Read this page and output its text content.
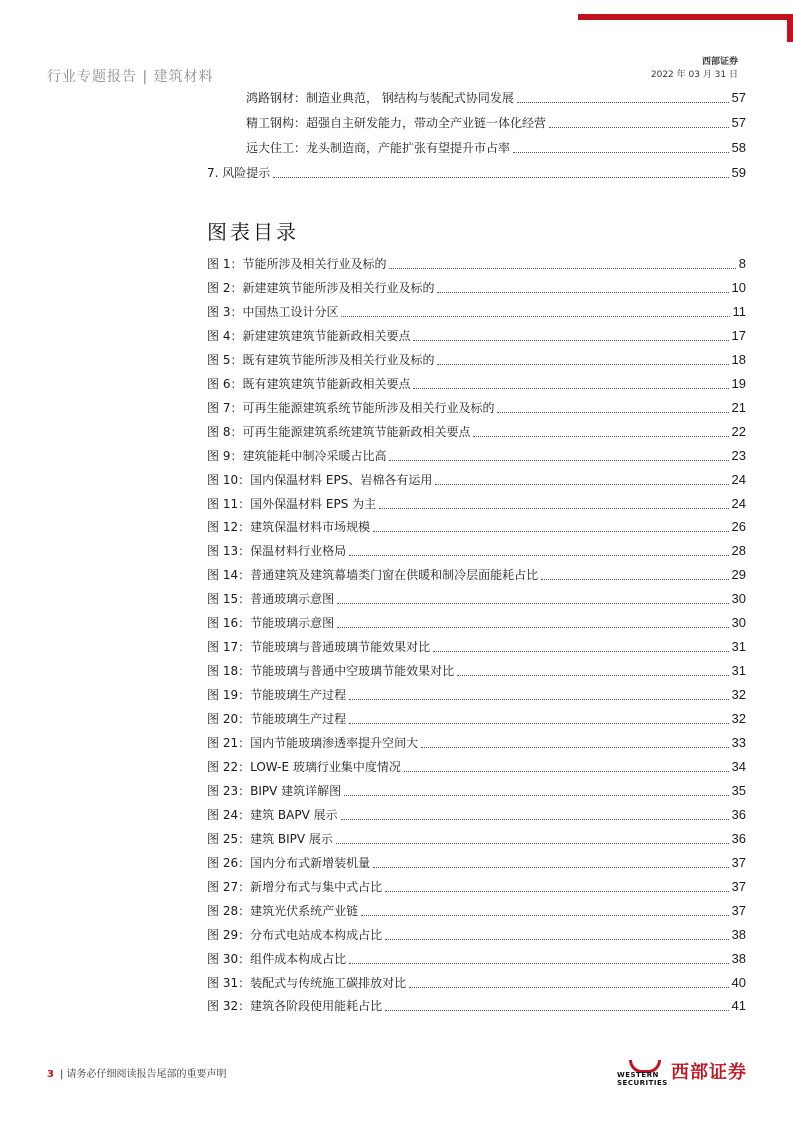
行业专题报告 | 建筑材料
西部证券
2022 年 03 月 31 日
鸿路钢材：制造业典范， 钢结构与装配式协同发展	57
精工钢构：超强自主研发能力，带动全产业链一体化经营	57
远大住工：龙头制造商，产能扩张有望提升市占率	58
7. 风险提示	59
图表目录
图 1：节能所涉及相关行业及标的	8
图 2：新建建筑节能所涉及相关行业及标的	10
图 3：中国热工设计分区	11
图 4：新建建筑建筑节能新政相关要点	17
图 5：既有建筑节能所涉及相关行业及标的	18
图 6：既有建筑建筑节能新政相关要点	19
图 7：可再生能源建筑系统节能所涉及相关行业及标的	21
图 8：可再生能源建筑系统建筑节能新政相关要点	22
图 9：建筑能耗中制冷采暖占比高	23
图 10：国内保温材料 EPS、岩棉各有运用	24
图 11：国外保温材料 EPS 为主	24
图 12：建筑保温材料市场规模	26
图 13：保温材料行业格局	28
图 14：普通建筑及建筑幕墙类门窗在供暖和制冷层面能耗占比	29
图 15：普通玻璃示意图	30
图 16：节能玻璃示意图	30
图 17：节能玻璃与普通玻璃节能效果对比	31
图 18：节能玻璃与普通中空玻璃节能效果对比	31
图 19：节能玻璃生产过程	32
图 20：节能玻璃生产过程	32
图 21：国内节能玻璃渗透率提升空间大	33
图 22：LOW-E 玻璃行业集中度情况	34
图 23：BIPV 建筑详解图	35
图 24：建筑 BAPV 展示	36
图 25：建筑 BIPV 展示	36
图 26：国内分布式新增装机量	37
图 27：新增分布式与集中式占比	37
图 28：建筑光伏系统产业链	37
图 29：分布式电站成本构成占比	38
图 30：组件成本构成占比	38
图 31：装配式与传统施工碳排放对比	40
图 32：建筑各阶段使用能耗占比	41
3 | 请务必仔细阅读报告尾部的重要声明	WESTERN SECURITIES 西部证券
